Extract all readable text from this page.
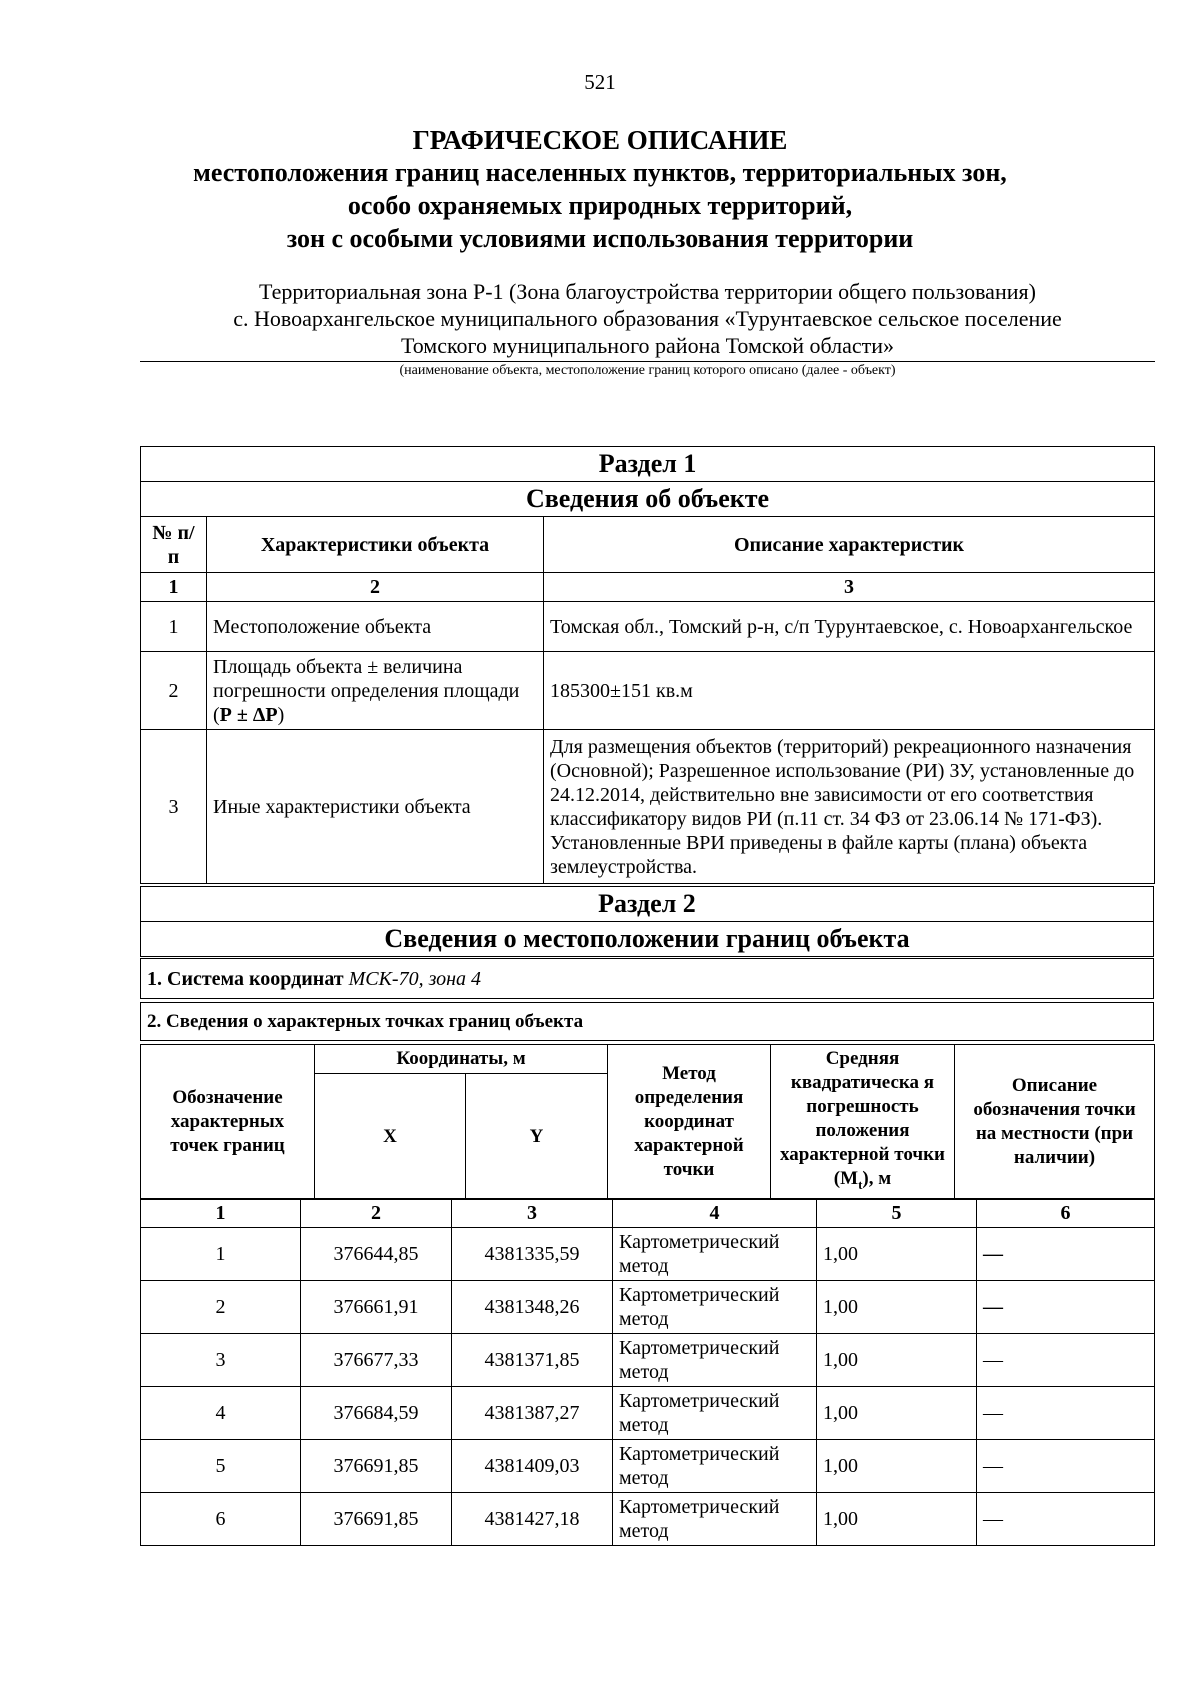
521
ГРАФИЧЕСКОЕ ОПИСАНИЕ
местоположения границ населенных пунктов, территориальных зон,
особо охраняемых природных территорий,
зон с особыми условиями использования территории
Территориальная зона Р-1 (Зона благоустройства территории общего пользования)
с. Новоархангельское муниципального образования «Турунтаевское сельское поселение
Томского муниципального района Томской области»
(наименование объекта, местоположение границ которого описано (далее - объект)
Раздел 1		
Сведения об объекте		
№ п/п	Характеристики объекта	Описание характеристик
1	2	3
1	Местоположение объекта	Томская обл., Томский р-н, с/п Турунтаевское, с. Новоархангельское
2	Площадь объекта ± величина погрешности определения площади (Р ± ΔР)	185300±151 кв.м
3	Иные характеристики объекта	Для размещения объектов (территорий) рекреационного назначения (Основной); Разрешенное использование (РИ) ЗУ, установленные до 24.12.2014, действительно вне зависимости от его соответствия классификатору видов РИ (п.11 ст. 34 ФЗ от 23.06.14 № 171-ФЗ). Установленные ВРИ приведены в файле карты (плана) объекта землеустройства.
Раздел 2
Сведения о местоположении границ объекта
1. Система координат МСК-70, зона 4
2. Сведения о характерных точках границ объекта
Обозначение характерных точек границ	Координаты, м		Метод определения координат характерной точки	Средняя квадратическа я погрешность положения характерной точки $(M_t)$, м	Описание обозначения точки на местности (при наличии)
	X	Y			
1	2	3	4	5	6
1	376644,85	4381335,59	Картометрический метод	1,00	—
2	376661,91	4381348,26	Картометрический метод	1,00	—
3	376677,33	4381371,85	Картометрический метод	1,00	—
4	376684,59	4381387,27	Картометрический метод	1,00	—
5	376691,85	4381409,03	Картометрический метод	1,00	—
6	376691,85	4381427,18	Картометрический метод	1,00	—
